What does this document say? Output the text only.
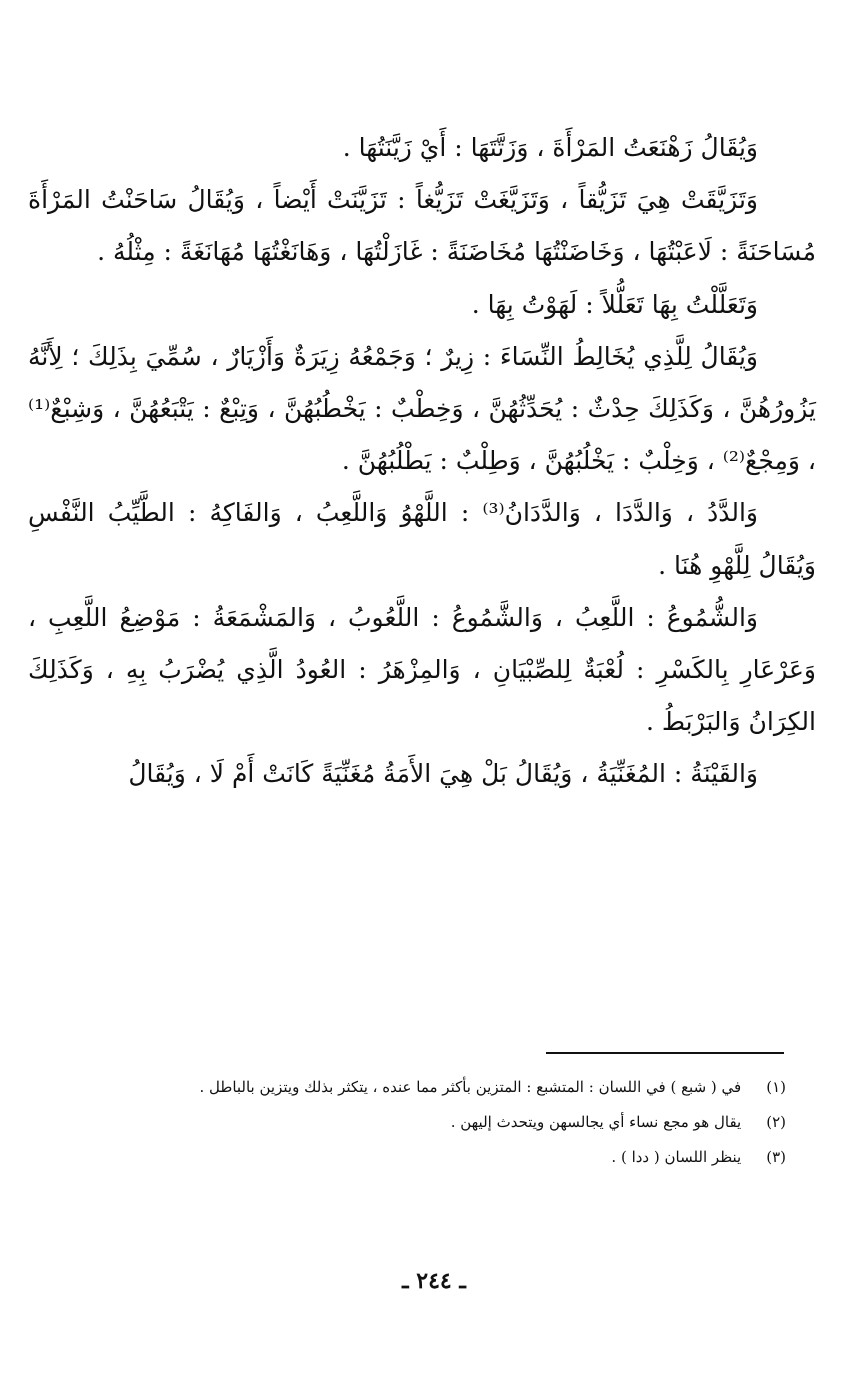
وَيُقَالُ زَهْنَعَتُ المَرْأَةَ ، وَزَتَّتَهَا : أَيْ زَيَّنَتُهَا .

وَتَزَيَّقَتْ هِيَ تَزَيُّقاً ، وَتَزَيَّغَتْ تَزَيُّغاً : تَزَيَّنَتْ أَيْضاً ، وَيُقَالُ سَاحَنْتُ المَرْأَةَ مُسَاحَنَةً : لَاعَبْتُهَا ، وَخَاضَنْتُهَا مُخَاضَنَةً : غَازَلْتُهَا ، وَهَانَغْتُهَا مُهَانَغَةً : مِثْلُهُ .

وَتَعَلَّلْتُ بِهَا تَعَلُّلاً : لَهَوْتُ بِهَا .

وَيُقَالُ لِلَّذِي يُخَالِطُ النِّسَاءَ : زِيرٌ ؛ وَجَمْعُهُ زِيَرَةٌ وَأَزْيَارٌ ، سُمِّيَ بِذَلِكَ ؛ لِأَنَّهُ يَزُورُهُنَّ ، وَكَذَلِكَ حِدْثٌ : يُحَدِّثُهُنَّ ، وَخِطْبٌ : يَخْطُبُهُنَّ ، وَتِبْعٌ : يَتْبَعُهُنَّ ، وَشِبْعٌ⁽¹⁾ ، وَمِجْعٌ⁽²⁾ ، وَخِلْبٌ : يَخْلُبُهُنَّ ، وَطِلْبٌ : يَطْلُبُهُنَّ .

وَالدَّدُ ، وَالدَّدَا ، وَالدَّدَانُ⁽³⁾ : اللَّهْوُ وَاللَّعِبُ ، وَالفَاكِهُ : الطَّيِّبُ النَّفْسِ وَيُقَالُ لِلَّهْوِ هُنَا .

وَالشُّمُوعُ : اللَّعِبُ ، وَالشَّمُوعُ : اللَّعُوبُ ، وَالمَشْمَعَةُ : مَوْضِعُ اللَّعِبِ ، وَعَرْعَارِ بِالكَسْرِ : لُعْبَةٌ لِلصِّبْيَانِ ، وَالمِزْهَرُ : العُودُ الَّذِي يُضْرَبُ بِهِ ، وَكَذَلِكَ الكِرَانُ وَالبَرْبَطُ .

وَالقَيْنَةُ : المُغَنِّيَةُ ، وَيُقَالُ بَلْ هِيَ الأَمَةُ مُغَنِّيَةً كَانَتْ أَمْ لَا ، وَيُقَالُ

(١) في ( شبع ) في اللسان : المتشبع : المتزين بأكثر مما عنده ، يتكثر بذلك ويتزين بالباطل .
(٢) يقال هو مجع نساء أي يجالسهن ويتحدث إليهن .
(٣) ينظر اللسان ( ددا ) .
ـ ٢٤٤ ـ
